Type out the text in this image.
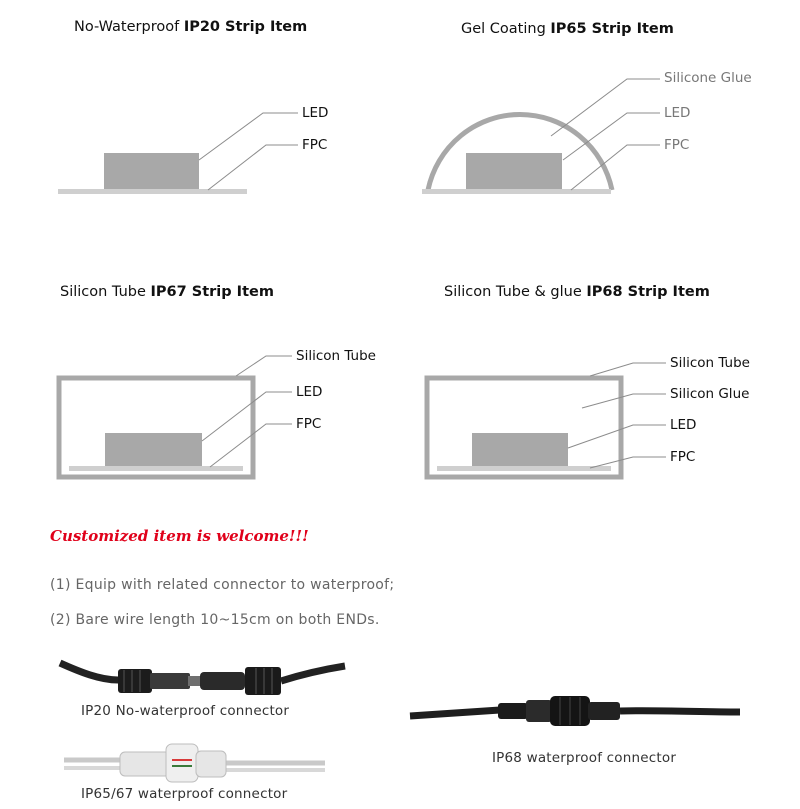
No-Waterproof IP20 Strip Item	Gel Coating IP65 Strip Item
Silicon Tube IP67 Strip Item	Silicon Tube & glue IP68 Strip Item
LED
FPC
Silicone Glue
LED
FPC
Silicon Tube
LED
FPC
Silicon Tube
Silicon Glue
LED
FPC
Customized item is welcome!!!
(1) Equip with related connector to waterproof;
(2) Bare wire length 10~15cm on both ENDs.
IP20 No-waterproof connector
IP65/67 waterproof connector
IP68 waterproof connector
